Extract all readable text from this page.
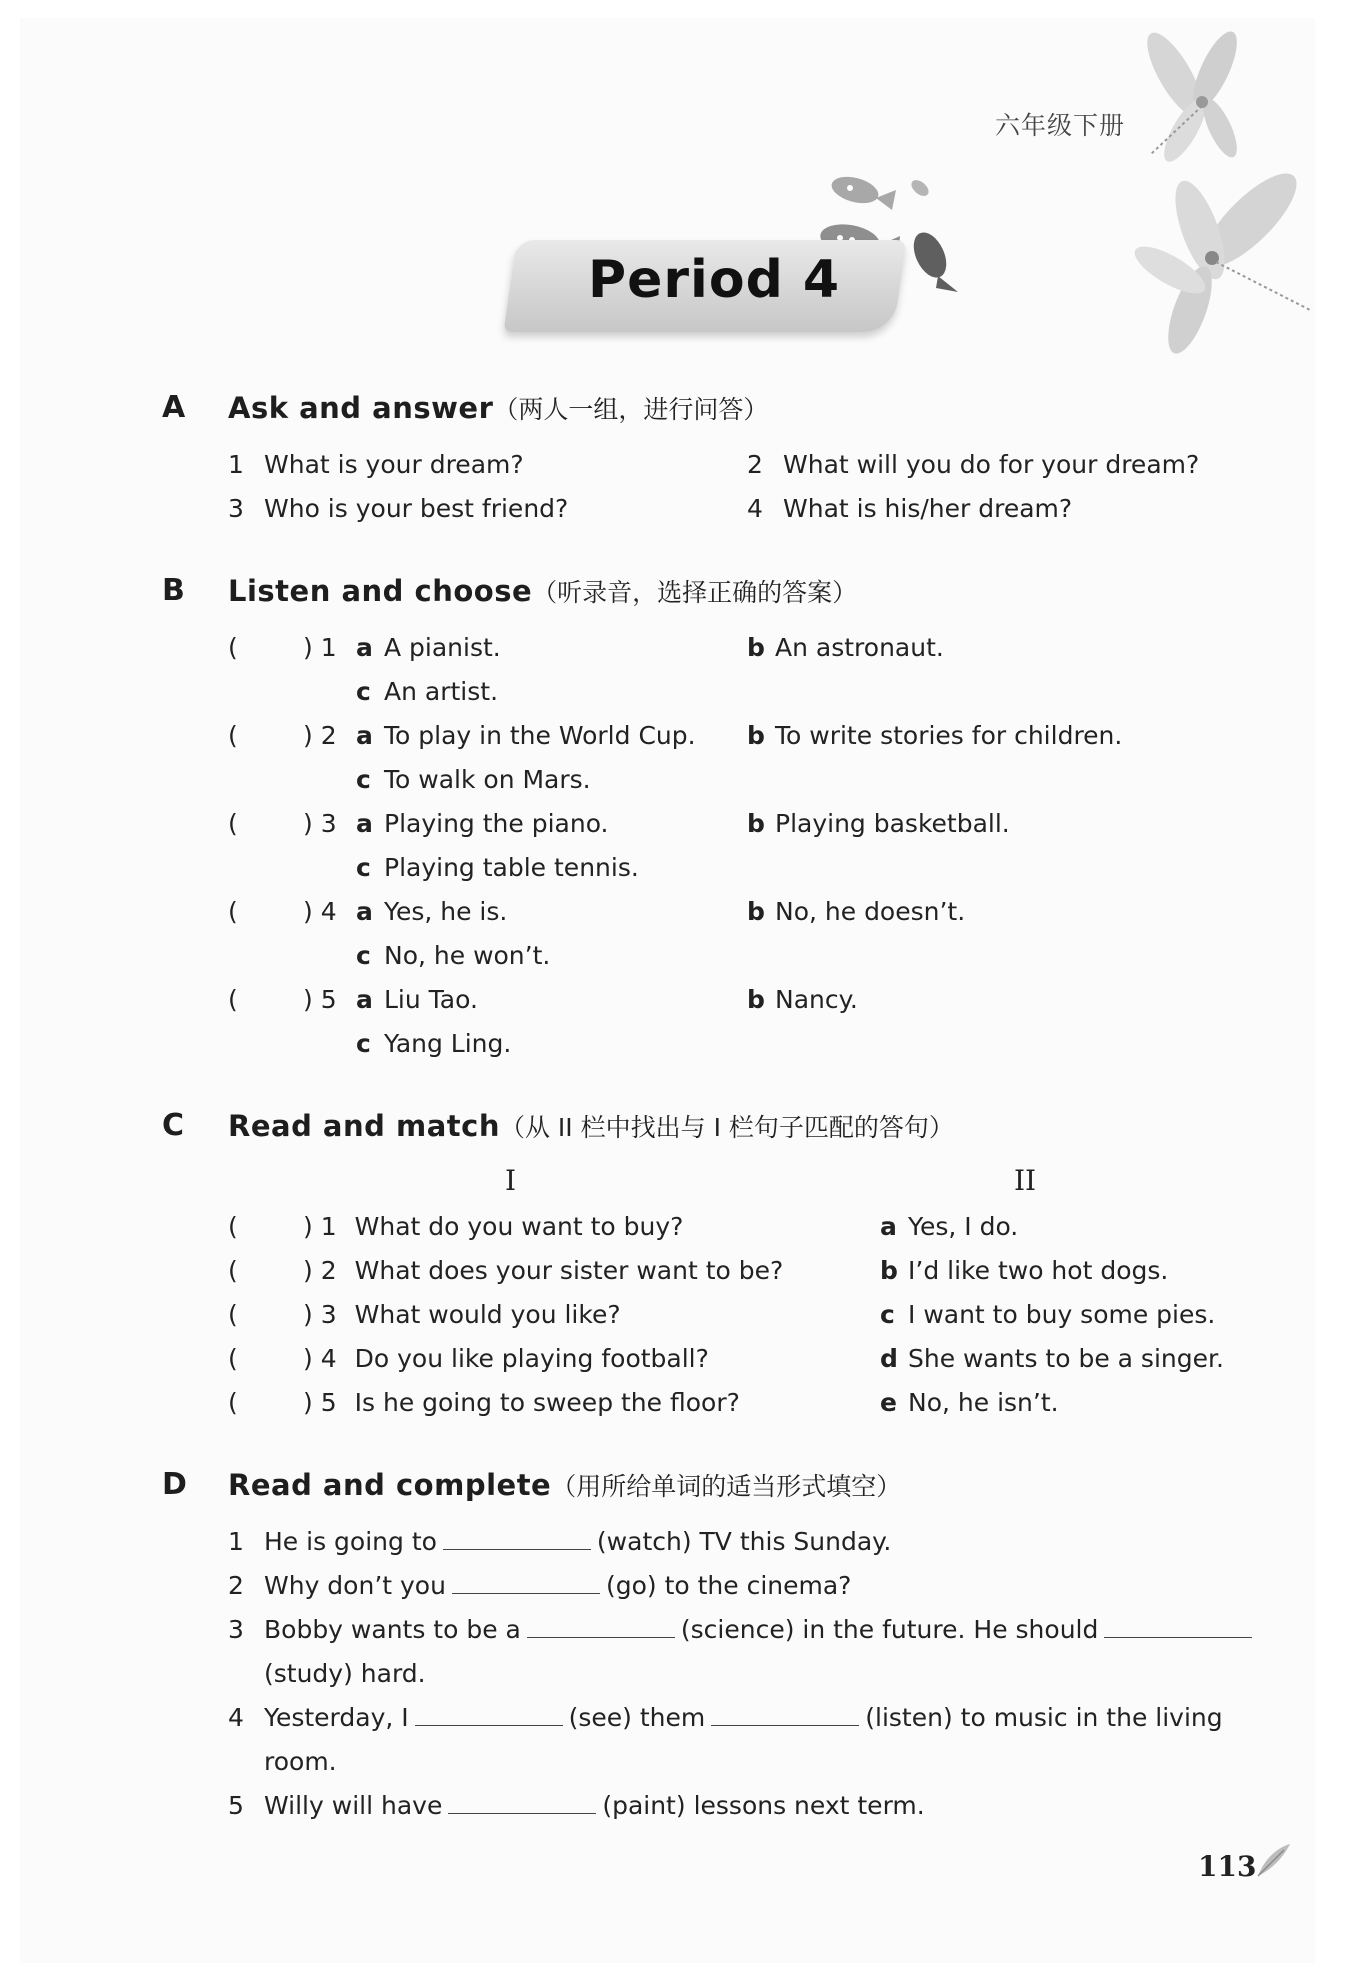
六年级下册
Period 4
A Ask and answer（两人一组，进行问答）
1 What is your dream?	2 What will you do for your dream?
3 Who is your best friend?	4 What is his/her dream?
B Listen and choose（听录音，选择正确的答案）
(	) 1 a A pianist.	b An astronaut.
c An artist.
(	) 2 a To play in the World Cup. b To write stories for children.
c To walk on Mars.
(	) 3 a Playing the piano.	b Playing basketball.
c Playing table tennis.
(	) 4 a Yes, he is.	b No, he doesn’t.
c No, he won’t.
(	) 5 a Liu Tao.	b Nancy.
c Yang Ling.
C Read and match（从 II 栏中找出与 I 栏句子匹配的答句）
I	II
(	) 1 What do you want to buy?	a Yes, I do.
(	) 2 What does your sister want to be?	b I’d like two hot dogs.
(	) 3 What would you like?	c I want to buy some pies.
(	) 4 Do you like playing football?	d She wants to be a singer.
(	) 5 Is he going to sweep the floor?	e No, he isn’t.
D Read and complete（用所给单词的适当形式填空）
1 He is going to	(watch) TV this Sunday.
2 Why don’t you	(go) to the cinema?
3 Bobby wants to be a	(science) in the future. He should
(study) hard.
4 Yesterday, I	(see) them	(listen) to music in the living
room.
5 Willy will have	(paint) lessons next term.
113
